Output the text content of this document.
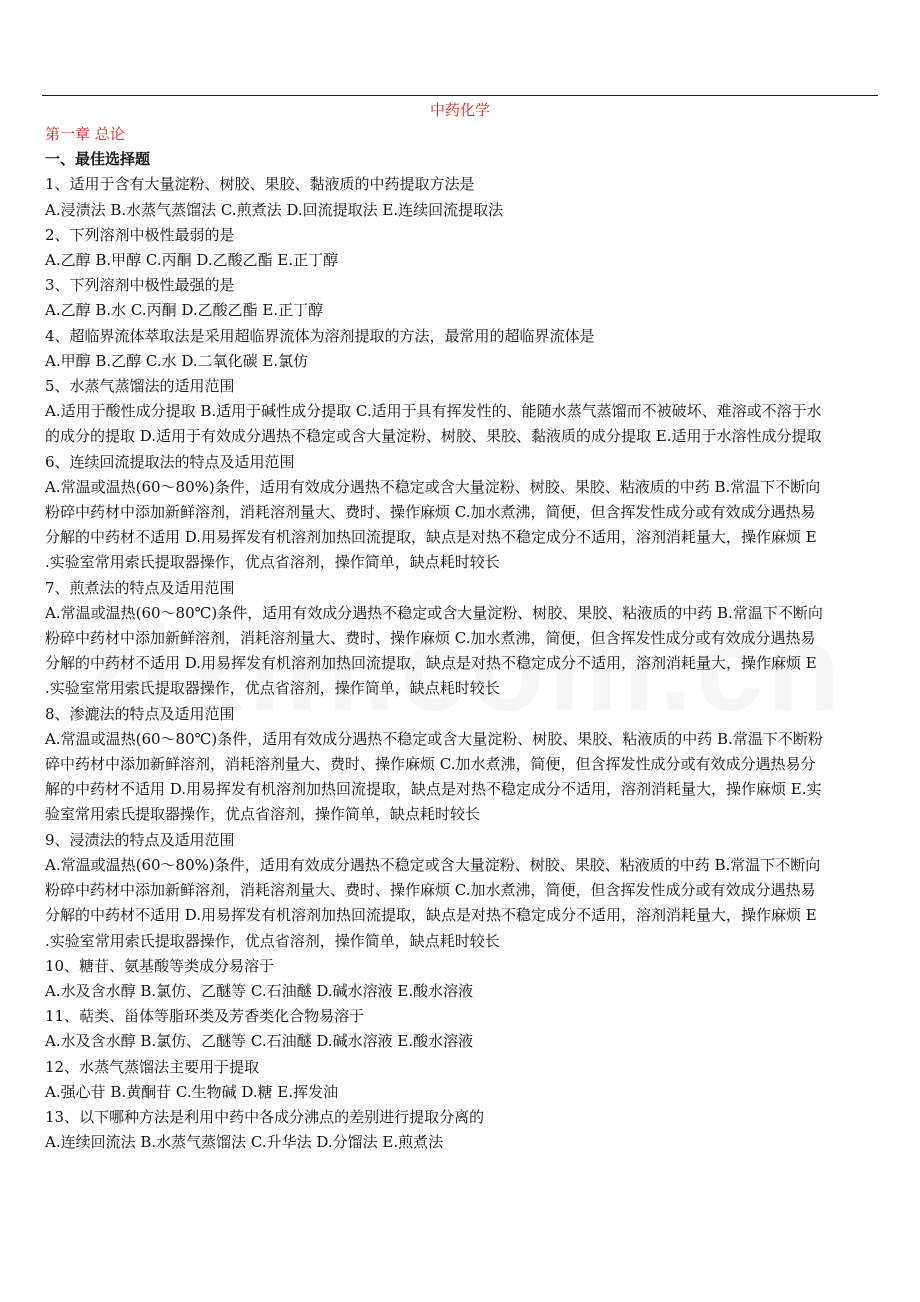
中药化学
第一章 总论
一、最佳选择题
1、适用于含有大量淀粉、树胶、果胶、黏液质的中药提取方法是
A.浸渍法 B.水蒸气蒸馏法 C.煎煮法 D.回流提取法 E.连续回流提取法
2、下列溶剂中极性最弱的是
A.乙醇 B.甲醇 C.丙酮 D.乙酸乙酯 E.正丁醇
3、下列溶剂中极性最强的是
A.乙醇 B.水 C.丙酮 D.乙酸乙酯 E.正丁醇
4、超临界流体萃取法是采用超临界流体为溶剂提取的方法，最常用的超临界流体是
A.甲醇 B.乙醇 C.水 D.二氧化碳 E.氯仿
5、水蒸气蒸馏法的适用范围
A.适用于酸性成分提取 B.适用于碱性成分提取 C.适用于具有挥发性的、能随水蒸气蒸馏而不被破坏、难溶或不溶于水
的成分的提取 D.适用于有效成分遇热不稳定或含大量淀粉、树胶、果胶、黏液质的成分提取 E.适用于水溶性成分提取
6、连续回流提取法的特点及适用范围
A.常温或温热(60～80%)条件，适用有效成分遇热不稳定或含大量淀粉、树胶、果胶、粘液质的中药 B.常温下不断向
粉碎中药材中添加新鲜溶剂，消耗溶剂量大、费时、操作麻烦 C.加水煮沸，简便，但含挥发性成分或有效成分遇热易
分解的中药材不适用 D.用易挥发有机溶剂加热回流提取，缺点是对热不稳定成分不适用，溶剂消耗量大，操作麻烦 E
.实验室常用索氏提取器操作，优点省溶剂，操作简单，缺点耗时较长
7、煎煮法的特点及适用范围
A.常温或温热(60～80℃)条件，适用有效成分遇热不稳定或含大量淀粉、树胶、果胶、粘液质的中药 B.常温下不断向
粉碎中药材中添加新鲜溶剂，消耗溶剂量大、费时、操作麻烦 C.加水煮沸，简便，但含挥发性成分或有效成分遇热易
分解的中药材不适用 D.用易挥发有机溶剂加热回流提取，缺点是对热不稳定成分不适用，溶剂消耗量大，操作麻烦 E
.实验室常用索氏提取器操作，优点省溶剂，操作简单，缺点耗时较长
8、渗漉法的特点及适用范围
A.常温或温热(60～80℃)条件，适用有效成分遇热不稳定或含大量淀粉、树胶、果胶、粘液质的中药 B.常温下不断粉
碎中药材中添加新鲜溶剂，消耗溶剂量大、费时、操作麻烦 C.加水煮沸，简便，但含挥发性成分或有效成分遇热易分
解的中药材不适用 D.用易挥发有机溶剂加热回流提取，缺点是对热不稳定成分不适用，溶剂消耗量大，操作麻烦 E.实
验室常用索氏提取器操作，优点省溶剂，操作简单，缺点耗时较长
9、浸渍法的特点及适用范围
A.常温或温热(60～80%)条件，适用有效成分遇热不稳定或含大量淀粉、树胶、果胶、粘液质的中药 B.常温下不断向
粉碎中药材中添加新鲜溶剂，消耗溶剂量大、费时、操作麻烦 C.加水煮沸，简便，但含挥发性成分或有效成分遇热易
分解的中药材不适用 D.用易挥发有机溶剂加热回流提取，缺点是对热不稳定成分不适用，溶剂消耗量大，操作麻烦 E
.实验室常用索氏提取器操作，优点省溶剂，操作简单，缺点耗时较长
10、糖苷、氨基酸等类成分易溶于
A.水及含水醇 B.氯仿、乙醚等 C.石油醚 D.碱水溶液 E.酸水溶液
11、萜类、甾体等脂环类及芳香类化合物易溶于
A.水及含水醇 B.氯仿、乙醚等 C.石油醚 D.碱水溶液 E.酸水溶液
12、水蒸气蒸馏法主要用于提取
A.强心苷 B.黄酮苷 C.生物碱 D.糖 E.挥发油
13、以下哪种方法是利用中药中各成分沸点的差别进行提取分离的
A.连续回流法 B.水蒸气蒸馏法 C.升华法 D.分馏法 E.煎煮法
